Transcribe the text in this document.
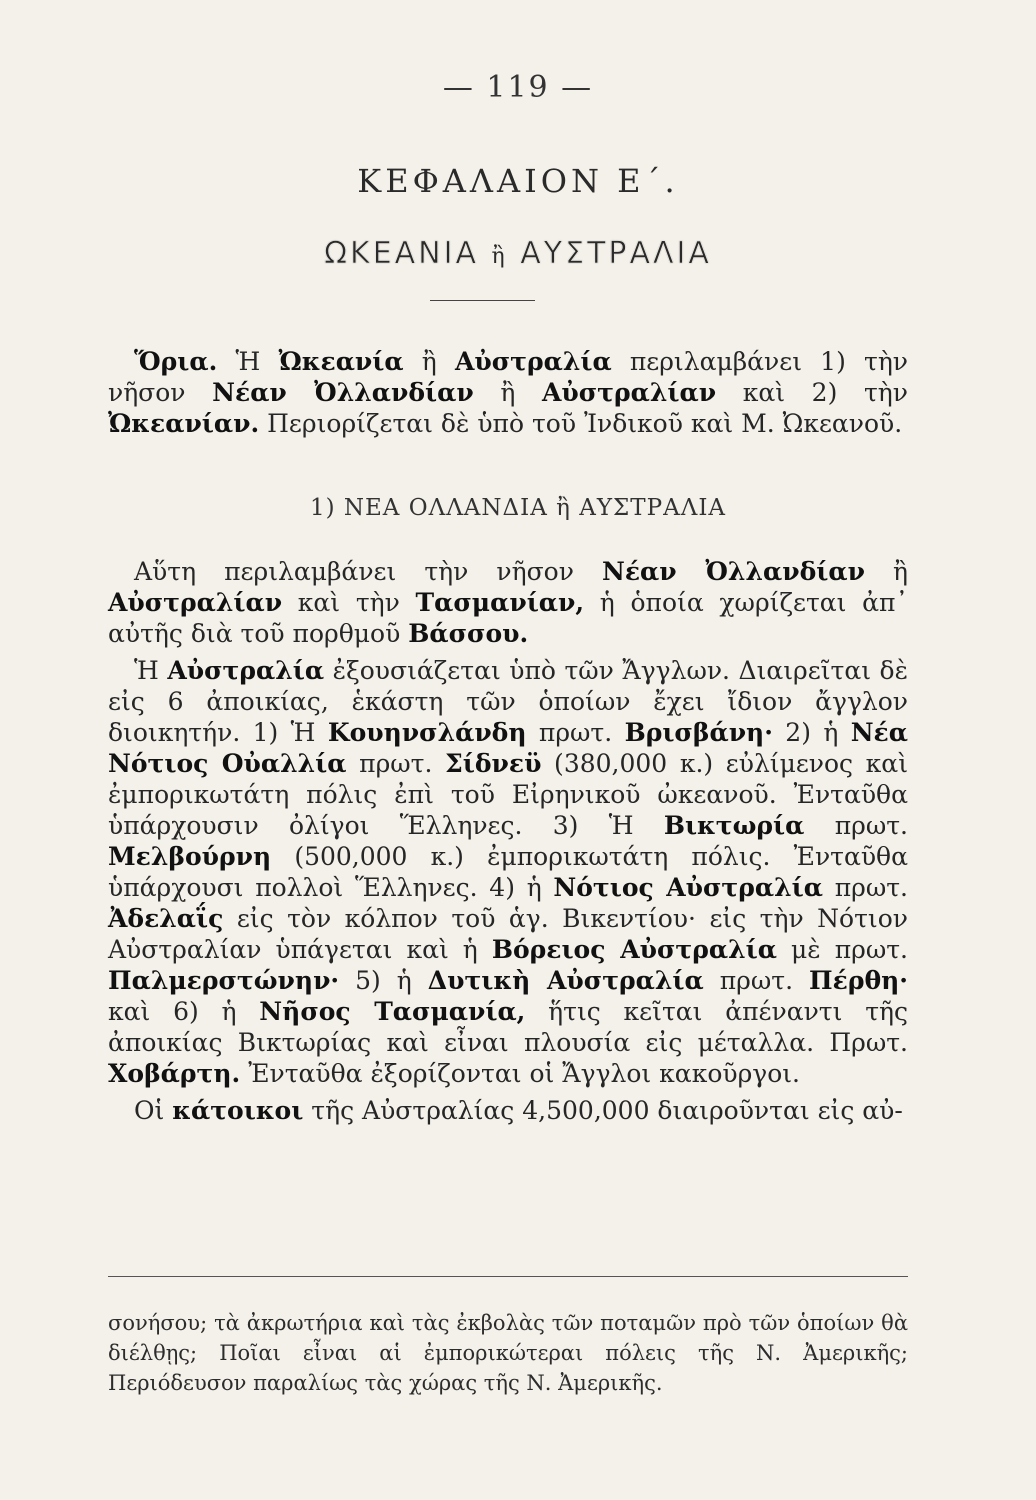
— 119 —
ΚΕΦΑΛΑΙΟΝ Ε΄.
ΩΚΕΑΝΙΑ ἢ ΑΥΣΤΡΑΛΙΑ

Ὅρια. Ἡ Ὠκεανία ἢ Αὐστραλία περιλαμβάνει 1) τὴν νῆσον Νέαν Ὀλλανδίαν ἢ Αὐστραλίαν καὶ 2) τὴν Ὠκεανίαν. Περιορίζεται δὲ ὑπὸ τοῦ Ἰνδικοῦ καὶ Μ. Ὠκεανοῦ.

1) ΝΕΑ ΟΛΛΑΝΔΙΑ ἢ ΑΥΣΤΡΑΛΙΑ

Αὕτη περιλαμβάνει τὴν νῆσον Νέαν Ὀλλανδίαν ἢ Αὐστραλίαν καὶ τὴν Τασμανίαν, ἡ ὁποία χωρίζεται ἀπ᾽ αὐτῆς διὰ τοῦ πορθμοῦ Βάσσου.

Ἡ Αὐστραλία ἐξουσιάζεται ὑπὸ τῶν Ἄγγλων. Διαιρεῖται δὲ εἰς 6 ἀποικίας, ἑκάστη τῶν ὁποίων ἔχει ἴδιον ἄγγλον διοικητήν. 1) Ἡ Κουηνσλάνδη πρωτ. Βρισβάνη· 2) ἡ Νέα Νότιος Οὐαλλία πρωτ. Σίδνεϋ (380,000 κ.) εὐλίμενος καὶ ἐμπορικωτάτη πόλις ἐπὶ τοῦ Εἰρηνικοῦ ὠκεανοῦ. Ἐνταῦθα ὑπάρχουσιν ὀλίγοι Ἕλληνες. 3) Ἡ Βικτωρία πρωτ. Μελβούρνη (500,000 κ.) ἐμπορικωτάτη πόλις. Ἐνταῦθα ὑπάρχουσι πολλοὶ Ἕλληνες. 4) ἡ Νότιος Αὐστραλία πρωτ. Ἀδελαΐς εἰς τὸν κόλπον τοῦ ἁγ. Βικεντίου· εἰς τὴν Νότιον Αὐστραλίαν ὑπάγεται καὶ ἡ Βόρειος Αὐστραλία μὲ πρωτ. Παλμερστώνην· 5) ἡ Δυτικὴ Αὐστραλία πρωτ. Πέρθη· καὶ 6) ἡ Νῆσος Τασμανία, ἥτις κεῖται ἀπέναντι τῆς ἀποικίας Βικτωρίας καὶ εἶναι πλουσία εἰς μέταλλα. Πρωτ. Χοβάρτη. Ἐνταῦθα ἐξορίζονται οἱ Ἄγγλοι κακοῦργοι.

Οἱ κάτοικοι τῆς Αὐστραλίας 4,500,000 διαιροῦνται εἰς αὐ-

σονήσου; τὰ ἀκρωτήρια καὶ τὰς ἐκβολὰς τῶν ποταμῶν πρὸ τῶν ὁποίων θὰ διέλθῃς; Ποῖαι εἶναι αἱ ἐμπορικώτεραι πόλεις τῆς Ν. Ἀμερικῆς; Περιόδευσον παραλίως τὰς χώρας τῆς Ν. Ἀμερικῆς.
